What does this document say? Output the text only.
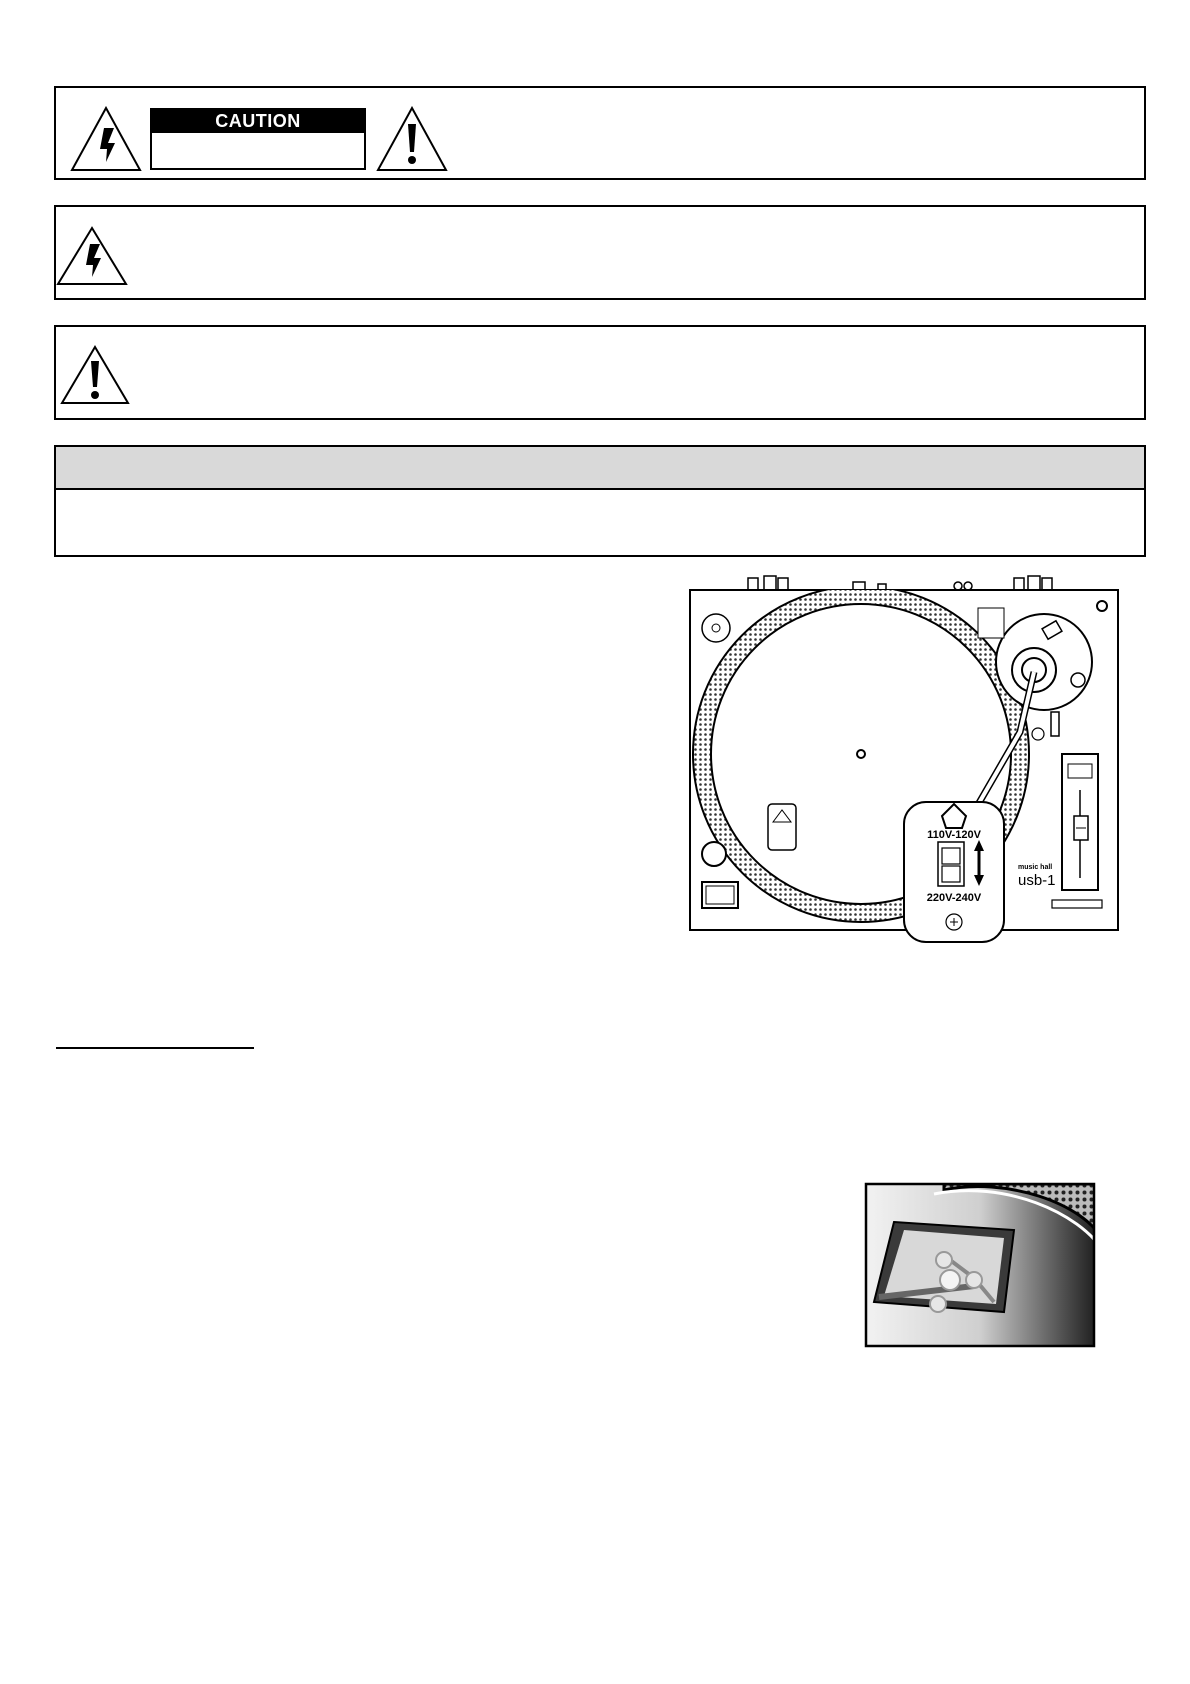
CAUTION
music hall
usb-1
110V-120V
220V-240V
